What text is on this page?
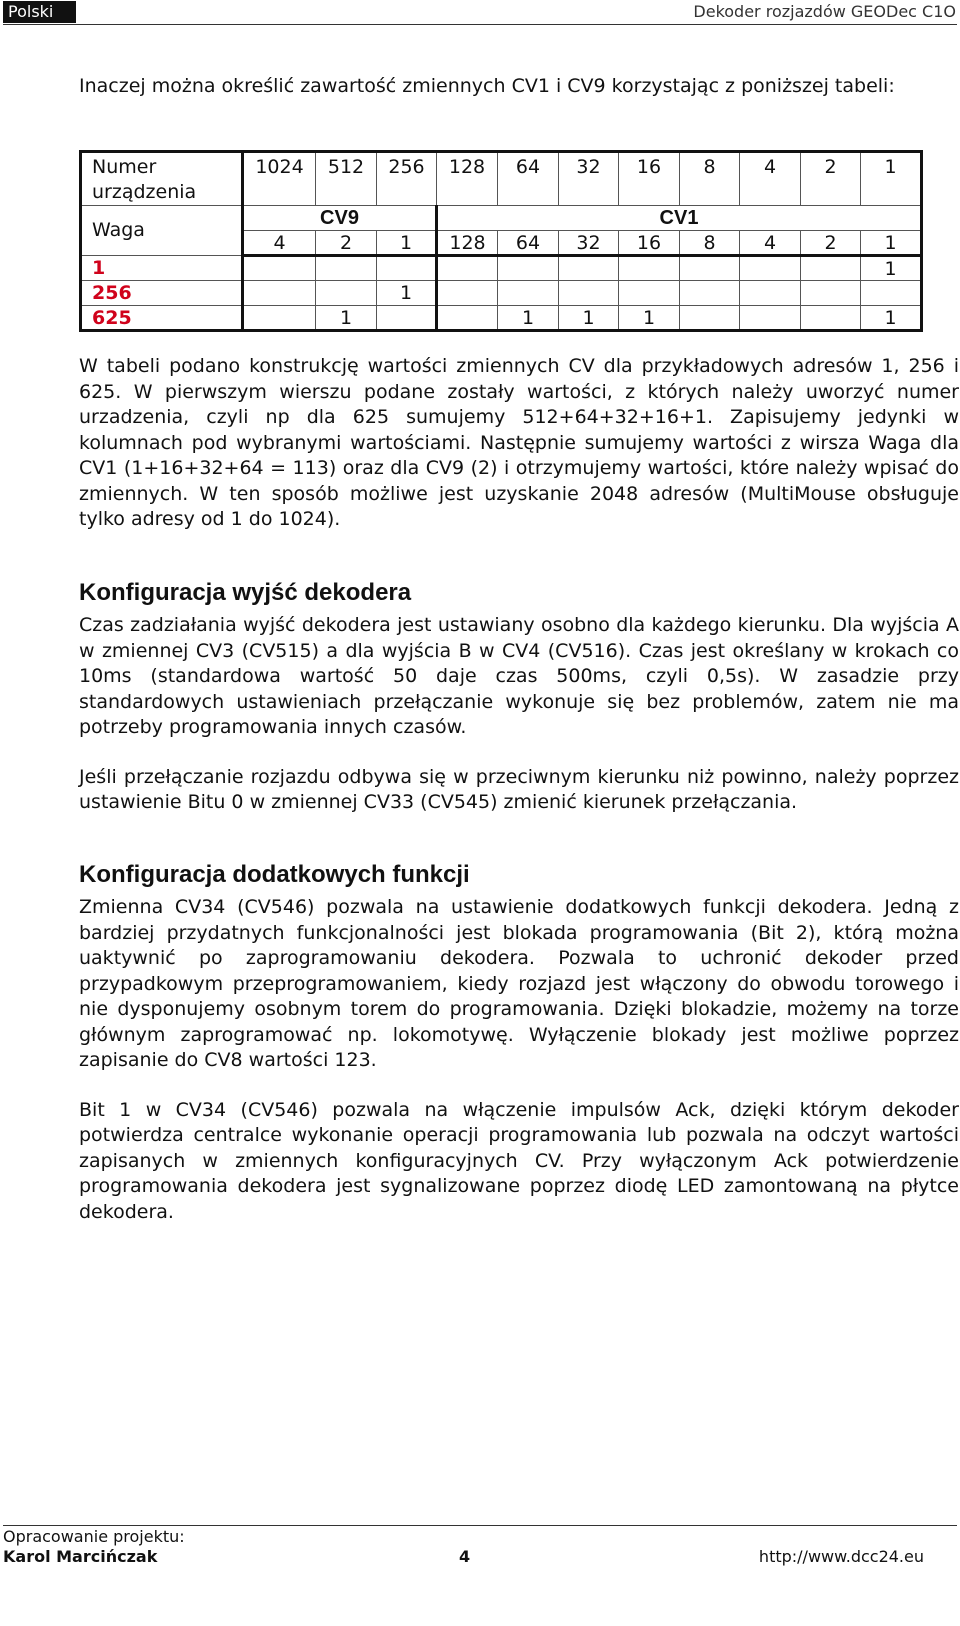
Polski	Dekoder rozjazdów GEODec C1O

Inaczej można określić zawartość zmiennych CV1 i CV9 korzystając z poniższej tabeli:

Numer urządzenia	1024	512	256	128	64	32	16	8	4	2	1
Waga	CV9			CV1							
	4	2	1	128	64	32	16	8	4	2	1
1											1
256			1								
625		1			1	1	1				1

W tabeli podano konstrukcję wartości zmiennych CV dla przykładowych adresów 1, 256 i 625. W pierwszym wierszu podane zostały wartości, z których należy uworzyć numer urzadzenia, czyli np dla 625 sumujemy 512+64+32+16+1. Zapisujemy jedynki w kolumnach pod wybranymi wartościami. Następnie sumujemy wartości z wirsza Waga dla CV1 (1+16+32+64 = 113) oraz dla CV9 (2) i otrzymujemy wartości, które należy wpisać do zmiennych. W ten sposób możliwe jest uzyskanie 2048 adresów (MultiMouse obsługuje tylko adresy od 1 do 1024).

Konfiguracja wyjść dekodera

Czas zadziałania wyjść dekodera jest ustawiany osobno dla każdego kierunku. Dla wyjścia A w zmiennej CV3 (CV515) a dla wyjścia B w CV4 (CV516). Czas jest określany w krokach co 10ms (standardowa wartość 50 daje czas 500ms, czyli 0,5s). W zasadzie przy standardowych ustawieniach przełączanie wykonuje się bez problemów, zatem nie ma potrzeby programowania innych czasów.

Jeśli przełączanie rozjazdu odbywa się w przeciwnym kierunku niż powinno, należy poprzez ustawienie Bitu 0 w zmiennej CV33 (CV545) zmienić kierunek przełączania.

Konfiguracja dodatkowych funkcji

Zmienna CV34 (CV546) pozwala na ustawienie dodatkowych funkcji dekodera. Jedną z bardziej przydatnych funkcjonalności jest blokada programowania (Bit 2), którą można uaktywnić po zaprogramowaniu dekodera. Pozwala to uchronić dekoder przed przypadkowym przeprogramowaniem, kiedy rozjazd jest włączony do obwodu torowego i nie dysponujemy osobnym torem do programowania. Dzięki blokadzie, możemy na torze głównym zaprogramować np. lokomotywę. Wyłączenie blokady jest możliwe poprzez zapisanie do CV8 wartości 123.

Bit 1 w CV34 (CV546) pozwala na włączenie impulsów Ack, dzięki którym dekoder potwierdza centralce wykonanie operacji programowania lub pozwala na odczyt wartości zapisanych w zmiennych konfiguracyjnych CV. Przy wyłączonym Ack potwierdzenie programowania dekodera jest sygnalizowane poprzez diodę LED zamontowaną na płytce dekodera.

Opracowanie projektu:
Karol Marcińczak	4	http://www.dcc24.eu
